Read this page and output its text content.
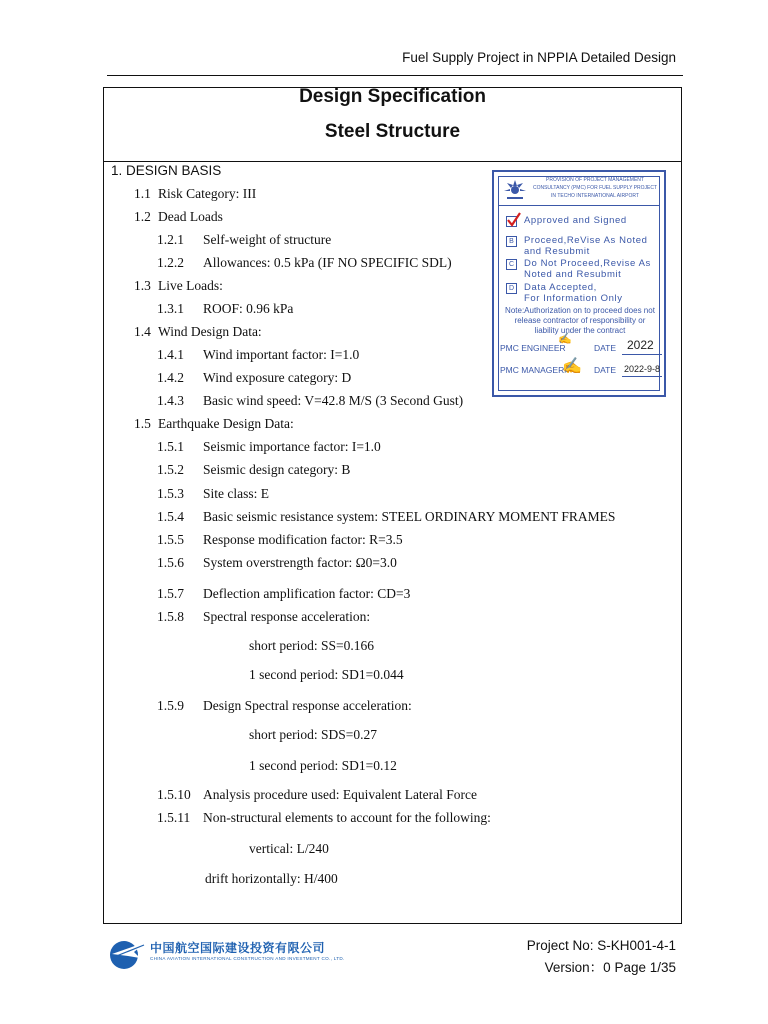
Fuel Supply Project in NPPIA Detailed Design
Design Specification
Steel Structure
1. DESIGN BASIS
1.1 Risk Category: III
1.2 Dead Loads
1.2.1 Self-weight of structure
1.2.2 Allowances: 0.5 kPa (IF NO SPECIFIC SDL)
1.3 Live Loads:
1.3.1 ROOF: 0.96 kPa
1.4 Wind Design Data:
1.4.1 Wind important factor: I=1.0
1.4.2 Wind exposure category: D
1.4.3 Basic wind speed: V=42.8 M/S (3 Second Gust)
1.5 Earthquake Design Data:
1.5.1 Seismic importance factor: I=1.0
1.5.2 Seismic design category: B
1.5.3 Site class: E
1.5.4 Basic seismic resistance system: STEEL ORDINARY MOMENT FRAMES
1.5.5 Response modification factor: R=3.5
1.5.6 System overstrength factor: Ω0=3.0
1.5.7 Deflection amplification factor: CD=3
1.5.8 Spectral response acceleration:
short period: SS=0.166
1 second period: SD1=0.044
1.5.9 Design Spectral response acceleration:
short period: SDS=0.27
1 second period: SD1=0.12
1.5.10 Analysis procedure used: Equivalent Lateral Force
1.5.11 Non-structural elements to account for the following:
vertical: L/240
drift horizontally: H/400
PROVISION OF PROJECT MANAGEMENT CONSULTANCY (PMC) FOR FUEL SUPPLY PROJECT IN TECHO INTERNATIONAL AIRPORT
Approved and Signed
B	Proceed,ReVise As Noted
and Resubmit
C	Do Not Proceed,Revise As
Noted and Resubmit
D	Data Accepted,
For Information Only
Note:Authorization on to proceed does not release contractor of responsibility or liability under the contract
PMC ENGINEER
✍
DATE 2022
PMC MANAGER
✍ DATE 2022-9-8
中国航空国际建设投资有限公司
CHINA AVIATION INTERNATIONAL CONSTRUCTION AND INVESTMENT CO., LTD.
Project No: S-KH001-4-1
Version：0 Page 1/35
